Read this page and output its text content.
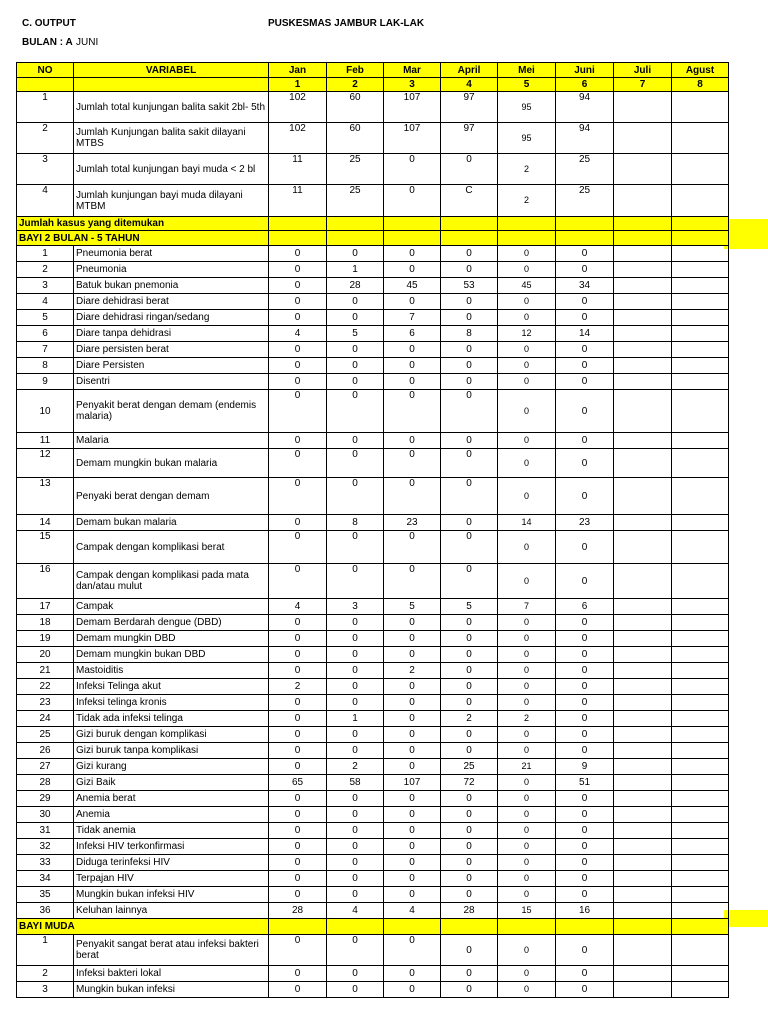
C. OUTPUT	PUSKESMAS JAMBUR LAK-LAK
BULAN : A JUNI
NO	VARIABEL	Jan	Feb	Mar	April	Mei	Juni	Juli	Agust
		1	2	3	4	5	6	7	8
1	Jumlah total kunjungan balita sakit 2bl- 5th	102	60	107	97	95	94		
2	Jumlah Kunjungan balita sakit dilayani MTBS	102	60	107	97	95	94		
3	Jumlah total kunjungan bayi muda < 2 bl	11	25	0	0	2	25		
4	Jumlah kunjungan bayi muda dilayani MTBM	11	25	0	C	2	25		
Jumlah kasus yang ditemukan									
BAYI 2 BULAN - 5 TAHUN									
1	Pneumonia berat	0	0	0	0	0	0		
2	Pneumonia	0	1	0	0	0	0		
3	Batuk bukan pnemonia	0	28	45	53	45	34		
4	Diare dehidrasi berat	0	0	0	0	0	0		
5	Diare dehidrasi ringan/sedang	0	0	7	0	0	0		
6	Diare tanpa dehidrasi	4	5	6	8	12	14		
7	Diare persisten berat	0	0	0	0	0	0		
8	Diare Persisten	0	0	0	0	0	0		
9	Disentri	0	0	0	0	0	0		
10	Penyakit berat dengan demam (endemis malaria)	0	0	0	0	0	0		
11	Malaria	0	0	0	0	0	0		
12	Demam mungkin bukan malaria	0	0	0	0	0	0		
13	Penyaki berat dengan demam	0	0	0	0	0	0		
14	Demam bukan malaria	0	8	23	0	14	23		
15	Campak dengan komplikasi berat	0	0	0	0	0	0		
16	Campak dengan komplikasi pada mata dan/atau mulut	0	0	0	0	0	0		
17	Campak	4	3	5	5	7	6		
18	Demam Berdarah dengue (DBD)	0	0	0	0	0	0		
19	Demam mungkin DBD	0	0	0	0	0	0		
20	Demam mungkin bukan DBD	0	0	0	0	0	0		
21	Mastoiditis	0	0	2	0	0	0		
22	Infeksi Telinga akut	2	0	0	0	0	0		
23	Infeksi telinga kronis	0	0	0	0	0	0		
24	Tidak ada infeksi telinga	0	1	0	2	2	0		
25	Gizi buruk dengan komplikasi	0	0	0	0	0	0		
26	Gizi buruk tanpa komplikasi	0	0	0	0	0	0		
27	Gizi kurang	0	2	0	25	21	9		
28	Gizi Baik	65	58	107	72	0	51		
29	Anemia berat	0	0	0	0	0	0		
30	Anemia	0	0	0	0	0	0		
31	Tidak anemia	0	0	0	0	0	0		
32	Infeksi HIV terkonfirmasi	0	0	0	0	0	0		
33	Diduga terinfeksi HIV	0	0	0	0	0	0		
34	Terpajan HIV	0	0	0	0	0	0		
35	Mungkin bukan infeksi HIV	0	0	0	0	0	0		
36	Keluhan lainnya	28	4	4	28	15	16		
BAYI MUDA									
1	Penyakit sangat berat atau infeksi bakteri berat	0	0	0	0	0	0		
2	Infeksi bakteri lokal	0	0	0	0	0	0		
3	Mungkin bukan infeksi	0	0	0	0	0	0		
